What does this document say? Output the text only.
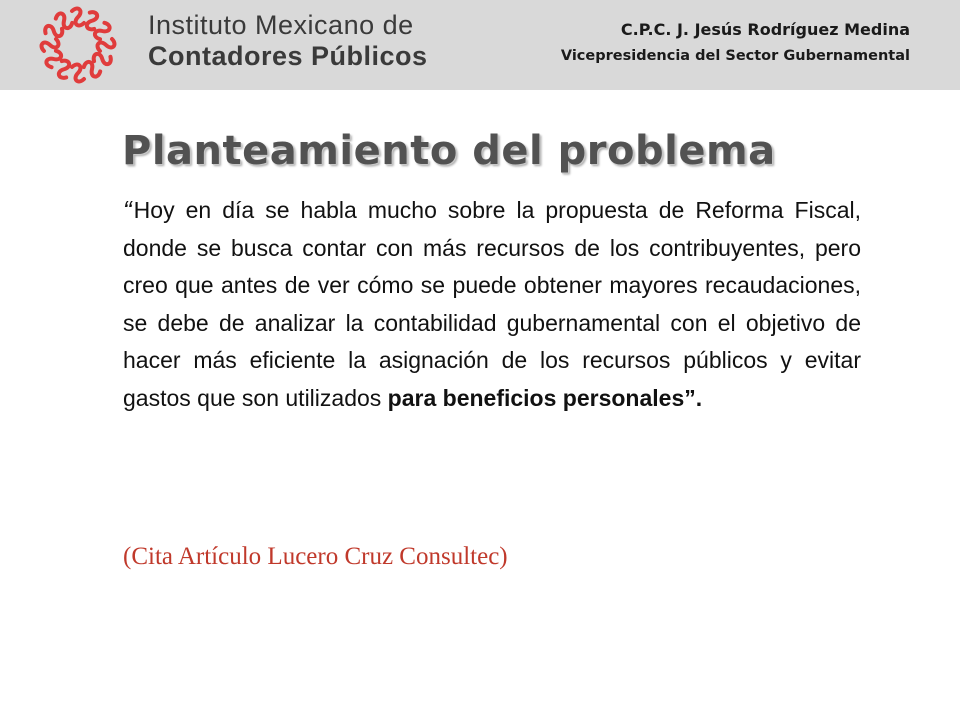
Instituto Mexicano de
Contadores Públicos
C.P.C. J. Jesús Rodríguez Medina
Vicepresidencia del Sector Gubernamental
Planteamiento del problema

“Hoy en día se habla mucho sobre la propuesta de Reforma Fiscal, donde se busca contar con más recursos de los contribuyentes, pero creo que antes de ver cómo se puede obtener mayores recaudaciones, se debe de analizar la contabilidad gubernamental con el objetivo de hacer más eficiente la asignación de los recursos públicos y evitar gastos que son utilizados para beneficios personales”.

(Cita Artículo Lucero Cruz Consultec)
